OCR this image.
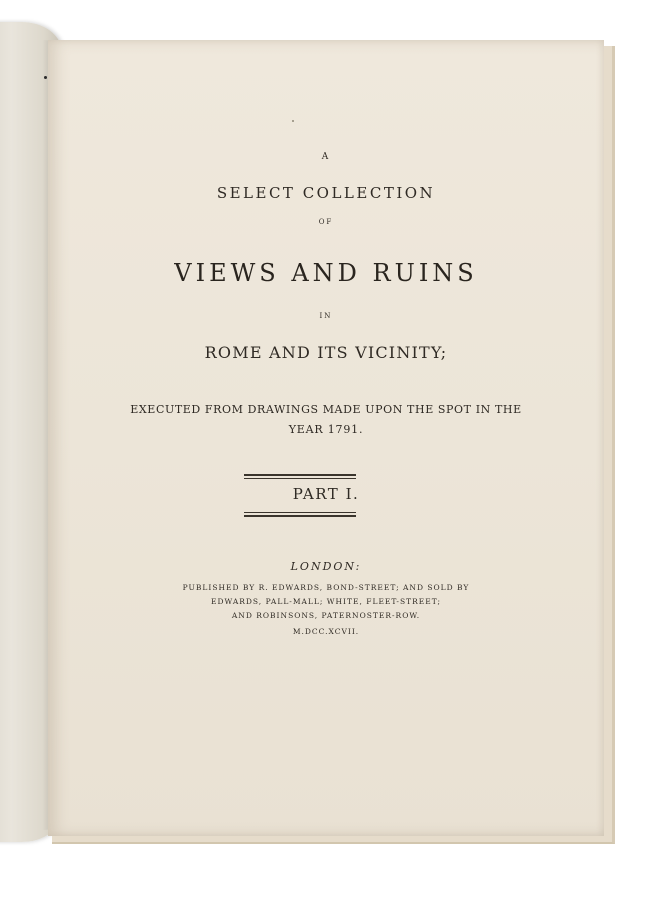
A
SELECT COLLECTION
OF
VIEWS AND RUINS
IN
ROME AND ITS VICINITY;
EXECUTED FROM DRAWINGS MADE UPON THE SPOT IN THE
YEAR 1791.
PART I.
LONDON:
PUBLISHED BY R. EDWARDS, BOND-STREET; AND SOLD BY
EDWARDS, PALL-MALL; WHITE, FLEET-STREET;
AND ROBINSONS, PATERNOSTER-ROW.
M.DCC.XCVII.
